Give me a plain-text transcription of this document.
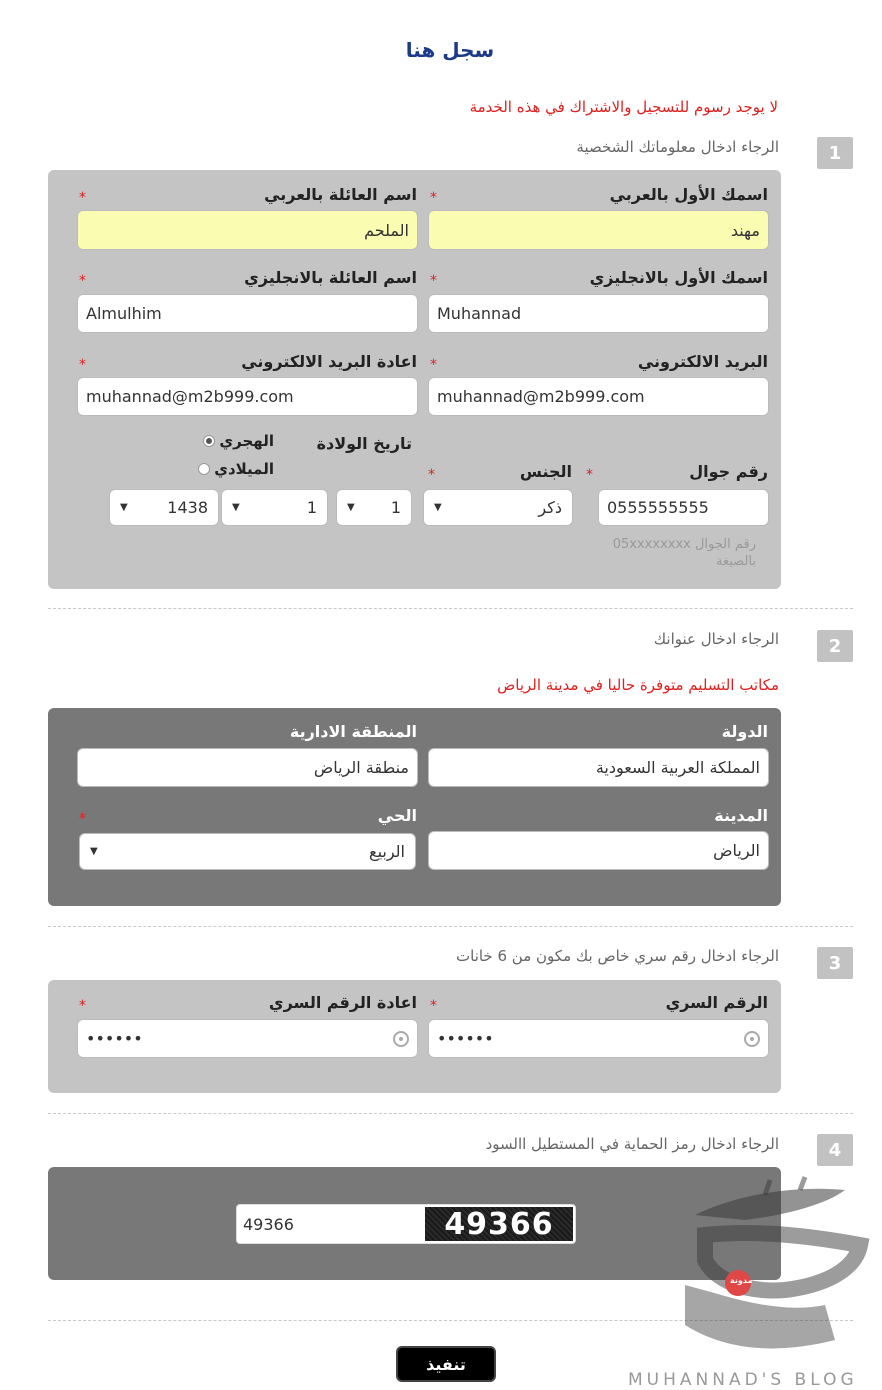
سجل هنا
لا يوجد رسوم للتسجيل والاشتراك في هذه الخدمة
1
الرجاء ادخال معلوماتك الشخصية
اسمك الأول بالعربي
*
مهند
اسم العائلة بالعربي
*
الملحم
اسمك الأول بالانجليزي
*
Muhannad
اسم العائلة بالانجليزي
*
Almulhim
البريد الالكتروني
*
muhannad@m2b999.com
اعادة البريد الالكتروني
*
muhannad@m2b999.com
رقم جوال
*
0555555555
رقم الجوال 05xxxxxxxx بالصيغة
الجنس
*
▼	ذكر
تاريخ الولادة
الهجري
الميلادي
▼ 1
▼	1
▼ 1438
2
الرجاء ادخال عنوانك
مكاتب التسليم متوفرة حاليا في مدينة الرياض
الدولة
المملكة العربية السعودية
المنطقة الادارية
منطقة الرياض
المدينة
الرياض
الحي
*
▼	الربيع
3
الرجاء ادخال رقم سري خاص بك مكون من 6 خانات
الرقم السري
*
••••••
اعادة الرقم السري
*
••••••
4
الرجاء ادخال رمز الحماية في المستطيل االسود
49366	49366
تنفيذ
مدونة
MUHANNAD'S BLOG
